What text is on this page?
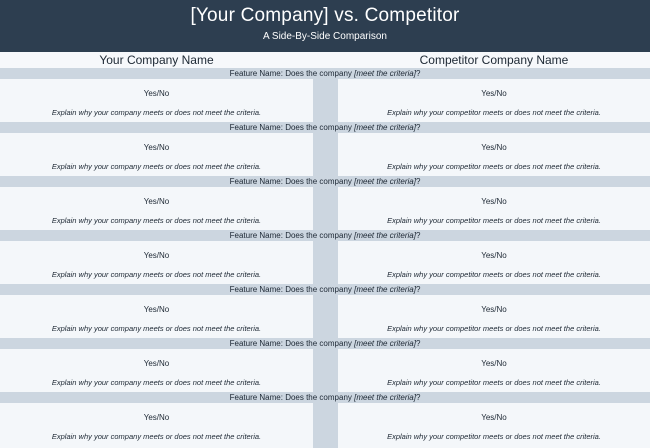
[Your Company] vs. Competitor
A Side-By-Side Comparison
Your Company Name	Competitor Company Name
Feature Name: Does the company [meet the criteria]?
Yes/No	Yes/No
Explain why your company meets or does not meet the criteria.	Explain why your competitor meets or does not meet the criteria.
Feature Name: Does the company [meet the criteria]?
Yes/No	Yes/No
Explain why your company meets or does not meet the criteria.	Explain why your competitor meets or does not meet the criteria.
Feature Name: Does the company [meet the criteria]?
Yes/No	Yes/No
Explain why your company meets or does not meet the criteria.	Explain why your competitor meets or does not meet the criteria.
Feature Name: Does the company [meet the criteria]?
Yes/No	Yes/No
Explain why your company meets or does not meet the criteria.	Explain why your competitor meets or does not meet the criteria.
Feature Name: Does the company [meet the criteria]?
Yes/No	Yes/No
Explain why your company meets or does not meet the criteria.	Explain why your competitor meets or does not meet the criteria.
Feature Name: Does the company [meet the criteria]?
Yes/No	Yes/No
Explain why your company meets or does not meet the criteria.	Explain why your competitor meets or does not meet the criteria.
Feature Name: Does the company [meet the criteria]?
Yes/No	Yes/No
Explain why your company meets or does not meet the criteria.	Explain why your competitor meets or does not meet the criteria.
